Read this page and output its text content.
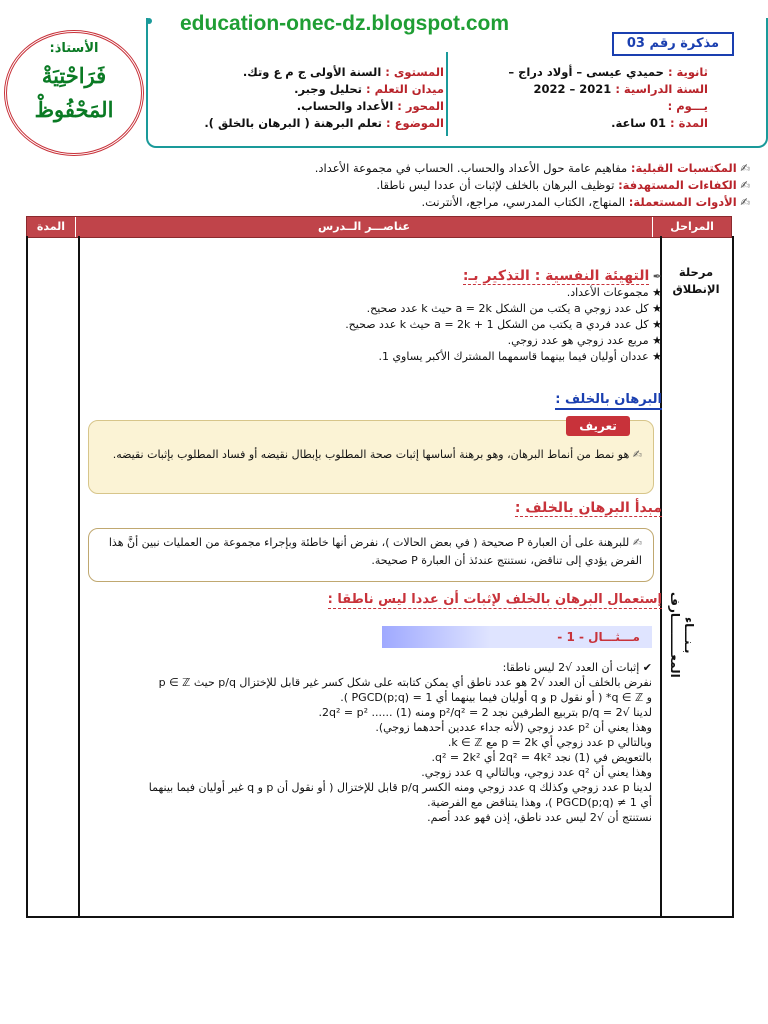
education-onec-dz.blogspot.com
مذكرة رقم 03
الأستاذ:
فَرَاحْتِيَةْ
المَحْفُوظْ
ثانوية : حميدي عيسى – أولاد دراج –
السنة الدراسية : 2021 – 2022
يـــوم :
المدة : 01 ساعة.
المستوى : السنة الأولى ج م ع وتك.
ميدان التعلم : تحليل وجبر.
المحور : الأعداد والحساب.
الموضوع : تعلم البرهنة ( البرهان بالخلق ).
✍ المكتسبات القبلية: مفاهيم عامة حول الأعداد والحساب. الحساب في مجموعة الأعداد.
✍ الكفاءات المستهدفة: توظيف البرهان بالخلف لإثبات أن عددا ليس ناطقا.
✍ الأدوات المستعملة: المنهاج، الكتاب المدرسي، مراجع، الأنترنت.
المراحل
عناصـــر الــدرس
المدة
مرحلة الإنطلاق
بـنـــاء المعـــــــــارف
✒ التهيئة النفسية : التذكير بـ:
★ مجموعات الأعداد.
★ كل عدد زوجي a يكتب من الشكل a = 2k حيث k عدد صحيح.
★ كل عدد فردي a يكتب من الشكل a = 2k + 1 حيث k عدد صحيح.
★ مربع عدد زوجي هو عدد زوجي.
★ عددان أوليان فيما بينهما قاسمهما المشترك الأكبر يساوي 1.
البرهان بالخلف :
تعريف
✍ هو نمط من أنماط البرهان، وهو برهنة أساسها إثبات صحة المطلوب بإبطال نقيضه أو فساد المطلوب بإثبات نقيضه.
مبدأ البرهان بالخلف :
✍ للبرهنة على أن العبارة P صحيحة ( في بعض الحالات )، نفرض أنها خاطئة وبإجراء مجموعة من العمليات نبين أنَّ هذا الفرض يؤدي إلى تناقض، نستنتج عندئذ أن العبارة P صحيحة.
إستعمال البرهان بالخلف لإثبات أن عددا ليس ناطقا :
مـــثـــال - 1 -
✔ إثبات أن العدد √2 ليس ناطقا:
نفرض بالخلف أن العدد √2 هو عدد ناطق أي يمكن كتابته على شكل كسر غير قابل للإختزال p/q حيث p ∈ ℤ
و q ∈ ℤ* ( أو نقول p و q أوليان فيما بينهما أي 1 = PGCD(p;q) ).
لدينا √2 = p/q بتربيع الطرفين نجد 2 = p²/q² ومنه 2q² = p² ...... (1).
وهذا يعني أن p² عدد زوجي (لأنه جداء عددين أحدهما زوجي).
وبالتالي p عدد زوجي أي p = 2k مع k ∈ ℤ.
بالتعويض في (1) نجد 2q² = 4k² أي q² = 2k².
وهذا يعني أن q² عدد زوجي، وبالتالي q عدد زوجي.
لدينا p عدد زوجي وكذلك q عدد زوجي ومنه الكسر p/q قابل للإختزال ( أو نقول أن p و q غير أوليان فيما بينهما
أي PGCD(p;q) ≠ 1 )، وهذا يتناقض مع الفرضية.
نستنتج أن √2 ليس عدد ناطق، إذن فهو عدد أصم.
